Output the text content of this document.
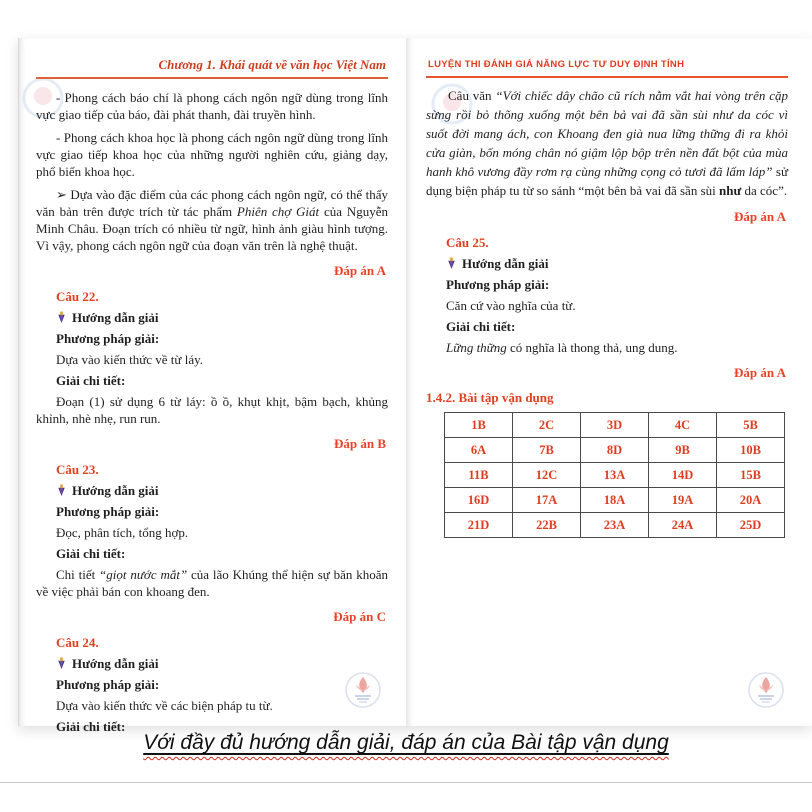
Chương 1. Khái quát về văn học Việt Nam

- Phong cách báo chí là phong cách ngôn ngữ dùng trong lĩnh vực giao tiếp của báo, đài phát thanh, đài truyền hình.

- Phong cách khoa học là phong cách ngôn ngữ dùng trong lĩnh vực giao tiếp khoa học của những người nghiên cứu, giảng dạy, phổ biến khoa học.

➢ Dựa vào đặc điểm của các phong cách ngôn ngữ, có thể thấy văn bản trên được trích từ tác phẩm Phiên chợ Giát của Nguyễn Minh Châu. Đoạn trích có nhiều từ ngữ, hình ảnh giàu hình tượng. Vì vậy, phong cách ngôn ngữ của đoạn văn trên là nghệ thuật.

Đáp án A
Câu 22.

Hướng dẫn giải

Phương pháp giải:

Dựa vào kiến thức về từ láy.

Giải chi tiết:

Đoạn (1) sử dụng 6 từ láy: ồ ồ, khụt khịt, bậm bạch, khủng khỉnh, nhè nhẹ, run run.

Đáp án B
Câu 23.

Hướng dẫn giải

Phương pháp giải:

Đọc, phân tích, tổng hợp.

Giải chi tiết:

Chi tiết “giọt nước mắt” của lão Khúng thể hiện sự băn khoăn về việc phải bán con khoang đen.

Đáp án C
Câu 24.

Hướng dẫn giải

Phương pháp giải:

Dựa vào kiến thức về các biện pháp tu từ.

Giải chi tiết:

LUYỆN THI ĐÁNH GIÁ NĂNG LỰC TƯ DUY ĐỊNH TÍNH

Câu văn “Với chiếc dây chão cũ rích nằm vắt hai vòng trên cặp sừng rồi bỏ thõng xuống một bên bả vai đã sần sùi như da cóc vì suốt đời mang ách, con Khoang đen già nua lững thững đi ra khỏi cửa giàn, bốn móng chân nó giậm lộp bộp trên nền đất bột của mùa hanh khô vương đầy rơm rạ cùng những cọng cỏ tươi đã lấm láp” sử dụng biện pháp tu từ so sánh “một bên bả vai đã sần sùi như da cóc”.

Đáp án A
Câu 25.

Hướng dẫn giải

Phương pháp giải:

Căn cứ vào nghĩa của từ.

Giải chi tiết:

Lững thững có nghĩa là thong thả, ung dung.

Đáp án A
1.4.2. Bài tập vận dụng
1B	2C	3D	4C	5B
6A	7B	8D	9B	10B
11B	12C	13A	14D	15B
16D	17A	18A	19A	20A
21D	22B	23A	24A	25D
Với đầy đủ hướng dẫn giải, đáp án của Bài tập vận dụng
